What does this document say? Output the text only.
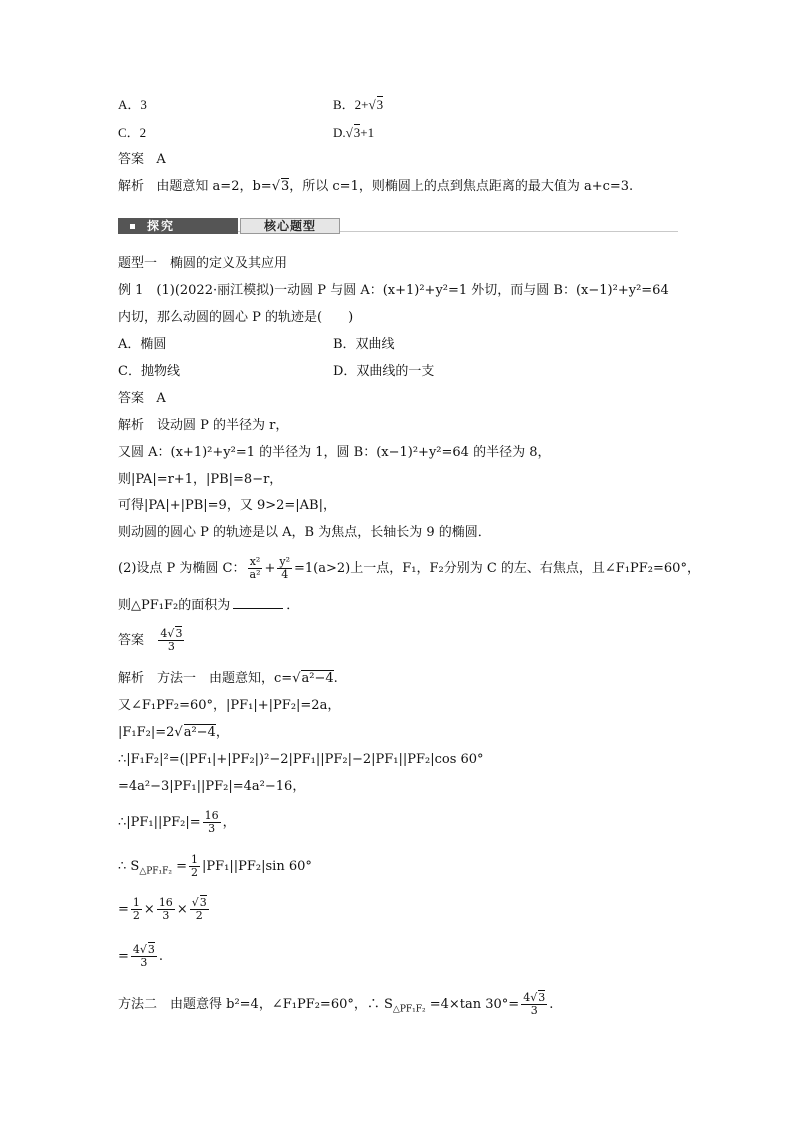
A．3	B．2+√3
C．2	D.√3+1
答案 A
解析 由题意知 a=2，b=√3，所以 c=1，则椭圆上的点到焦点距离的最大值为 a+c=3.
探究	核心题型
题型一　椭圆的定义及其应用
例 1　(1)(2022·丽江模拟)一动圆 P 与圆 A：(x+1)²+y²=1 外切，而与圆 B：(x−1)²+y²=64
内切，那么动圆的圆心 P 的轨迹是(　　)
A．椭圆	B．双曲线
C．抛物线	D．双曲线的一支
答案 A
解析　设动圆 P 的半径为 r，
又圆 A：(x+1)²+y²=1 的半径为 1，圆 B：(x−1)²+y²=64 的半径为 8，
则|PA|=r+1，|PB|=8−r，
可得|PA|+|PB|=9，又 9>2=|AB|，
则动圆的圆心 P 的轨迹是以 A，B 为焦点，长轴长为 9 的椭圆．
(2)设点 P 为椭圆 C： $\frac{\text{x²}}{\text{a²}} + \frac{\text{y²}}{4} =1(a>2)$上一点，F₁，F₂分别为 C 的左、右焦点，且∠F₁PF₂=60°，
则△PF₁F₂的面积为	．
答案 $\frac{4√3}{3}$
解析　方法一　由题意知，c=√a²−4.
又∠F₁PF₂=60°，|PF₁|+|PF₂|=2a，
|F₁F₂|=2√a²−4，
∴|F₁F₂|²=(|PF₁|+|PF₂|)²−2|PF₁||PF₂|−2|PF₁||PF₂|cos 60°
=4a²−3|PF₁||PF₂|=4a²−16，
∴|PF₁||PF₂|= $\frac{16}{3}$ ，
∴ $S_{\triangle PF_1F_2} = \frac{1}{2} |PF_1||PF_2|\sin$ 60°
= $\frac{1}{2} \times \frac{16}{3} \times \frac{√3}{2}$
= $\frac{4√3}{3}$ .
方法二　由题意得 b²=4，∠F₁PF₂=60°，∴ $S_{\triangle PF_1F_2} =4\times\tan$ $30^\circ= \frac{4√3}{3}$ .
